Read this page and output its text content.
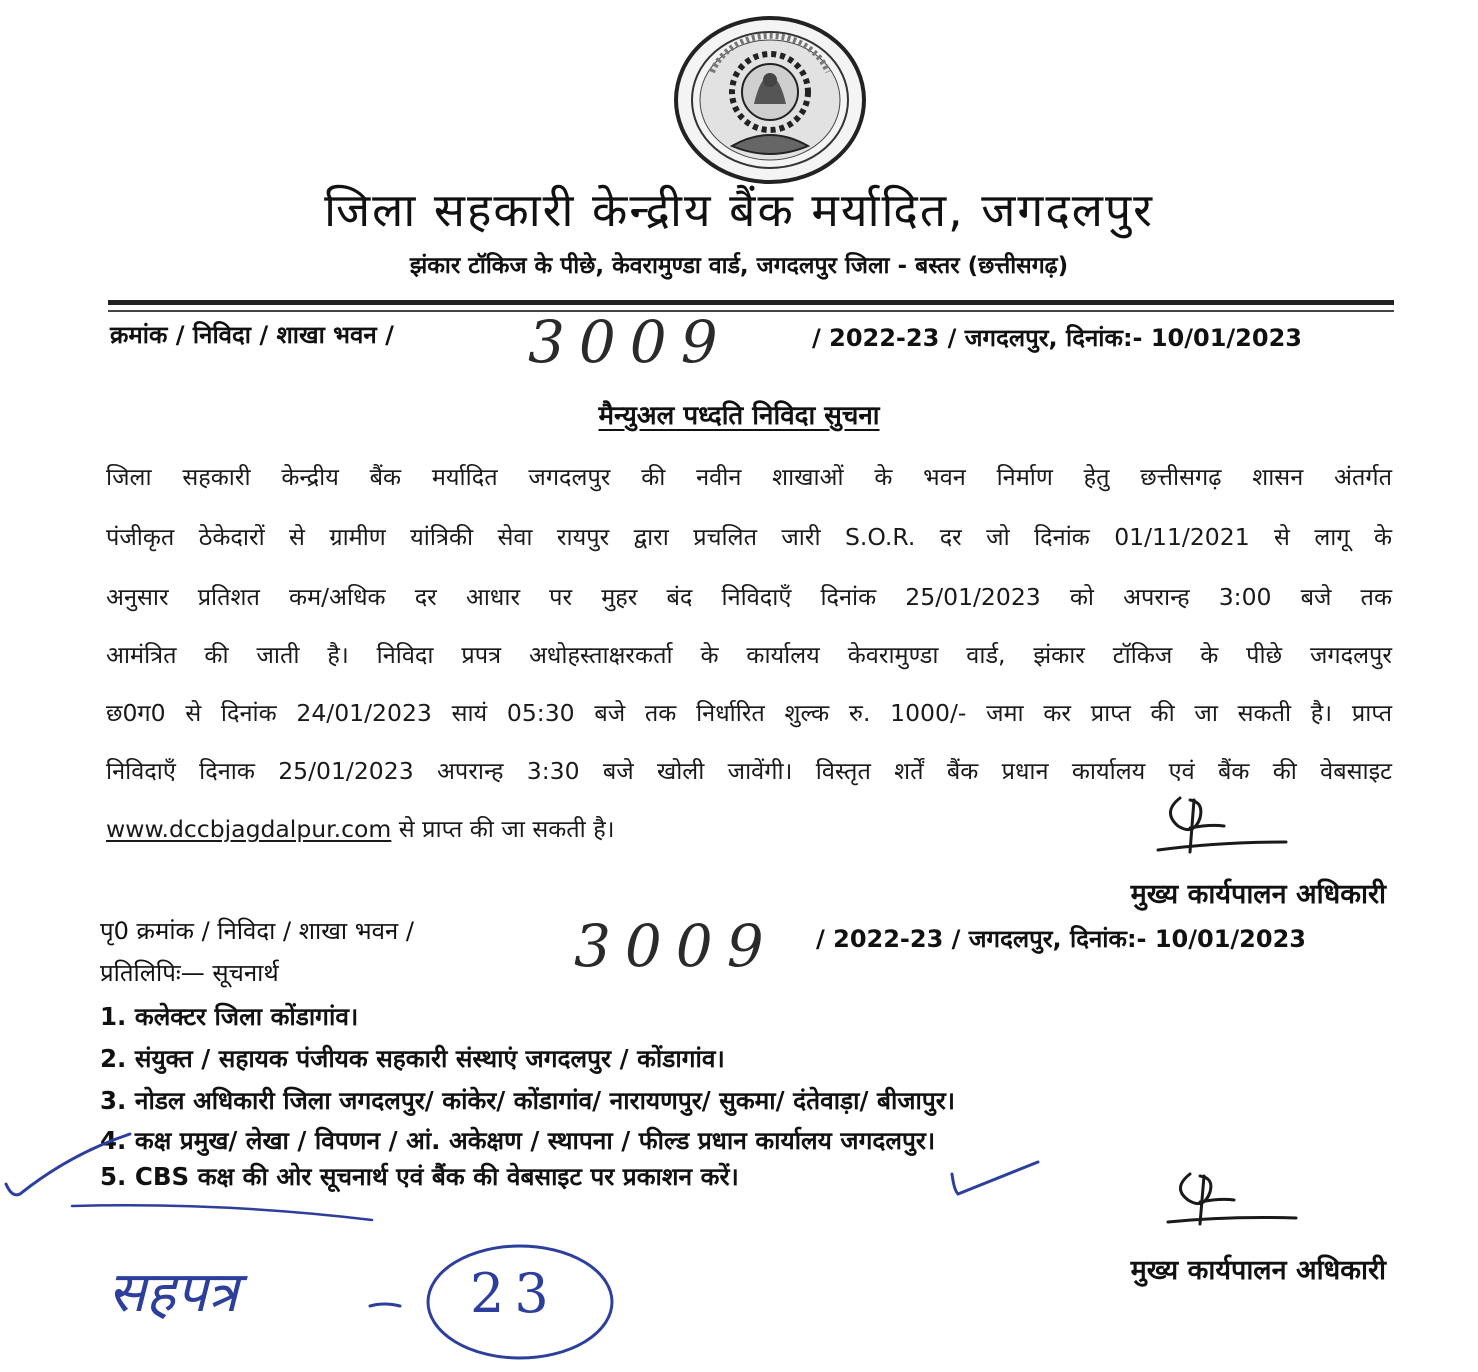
जिला सहकारी केन्द्रीय बैंक मर्यादित, जगदलपुर
झंकार टॉकिज के पीछे, केवरामुण्डा वार्ड, जगदलपुर जिला - बस्तर (छत्तीसगढ़)
क्रमांक / निविदा / शाखा भवन / 3009	/ 2022-23 / जगदलपुर, दिनांक:- 10/01/2023
मैन्युअल पध्दति निविदा सुचना
जिला सहकारी केन्द्रीय बैंक मर्यादित जगदलपुर की नवीन शाखाओं के भवन निर्माण हेतु छत्तीसगढ़ शासन अंतर्गत
पंजीकृत ठेकेदारों से ग्रामीण यांत्रिकी सेवा रायपुर द्वारा प्रचलित जारी S.O.R. दर जो दिनांक 01/11/2021 से लागू के
अनुसार प्रतिशत कम/अधिक दर आधार पर मुहर बंद निविदाएँ दिनांक 25/01/2023 को अपरान्ह 3:00 बजे तक
आमंत्रित की जाती है। निविदा प्रपत्र अधोहस्ताक्षरकर्ता के कार्यालय केवरामुण्डा वार्ड, झंकार टॉकिज के पीछे जगदलपुर
छ0ग0 से दिनांक 24/01/2023 सायं 05:30 बजे तक निर्धारित शुल्क रु. 1000/- जमा कर प्राप्त की जा सकती है। प्राप्त
निविदाएँ दिनाक 25/01/2023 अपरान्ह 3:30 बजे खोली जावेंगी। विस्तृत शर्तें बैंक प्रधान कार्यालय एवं बैंक की वेबसाइट
www.dccbjagdalpur.com से प्राप्त की जा सकती है।
मुख्य कार्यपालन अधिकारी
पृ0 क्रमांक / निविदा / शाखा भवन /	3009 / 2022-23 / जगदलपुर, दिनांक:- 10/01/2023
प्रतिलिपिः— सूचनार्थ
1. कलेक्टर जिला कोंडागांव।
2. संयुक्त / सहायक पंजीयक सहकारी संस्थाएं जगदलपुर / कोंडागांव।
3. नोडल अधिकारी जिला जगदलपुर/ कांकेर/ कोंडागांव/ नारायणपुर/ सुकमा/ दंतेवाड़ा/ बीजापुर।
4. कक्ष प्रमुख/ लेखा / विपणन / आं. अकेक्षण / स्थापना / फील्ड प्रधान कार्यालय जगदलपुर।
5. CBS कक्ष की ओर सूचनार्थ एवं बैंक की वेबसाइट पर प्रकाशन करें।
मुख्य कार्यपालन अधिकारी
सहपत्र	23
